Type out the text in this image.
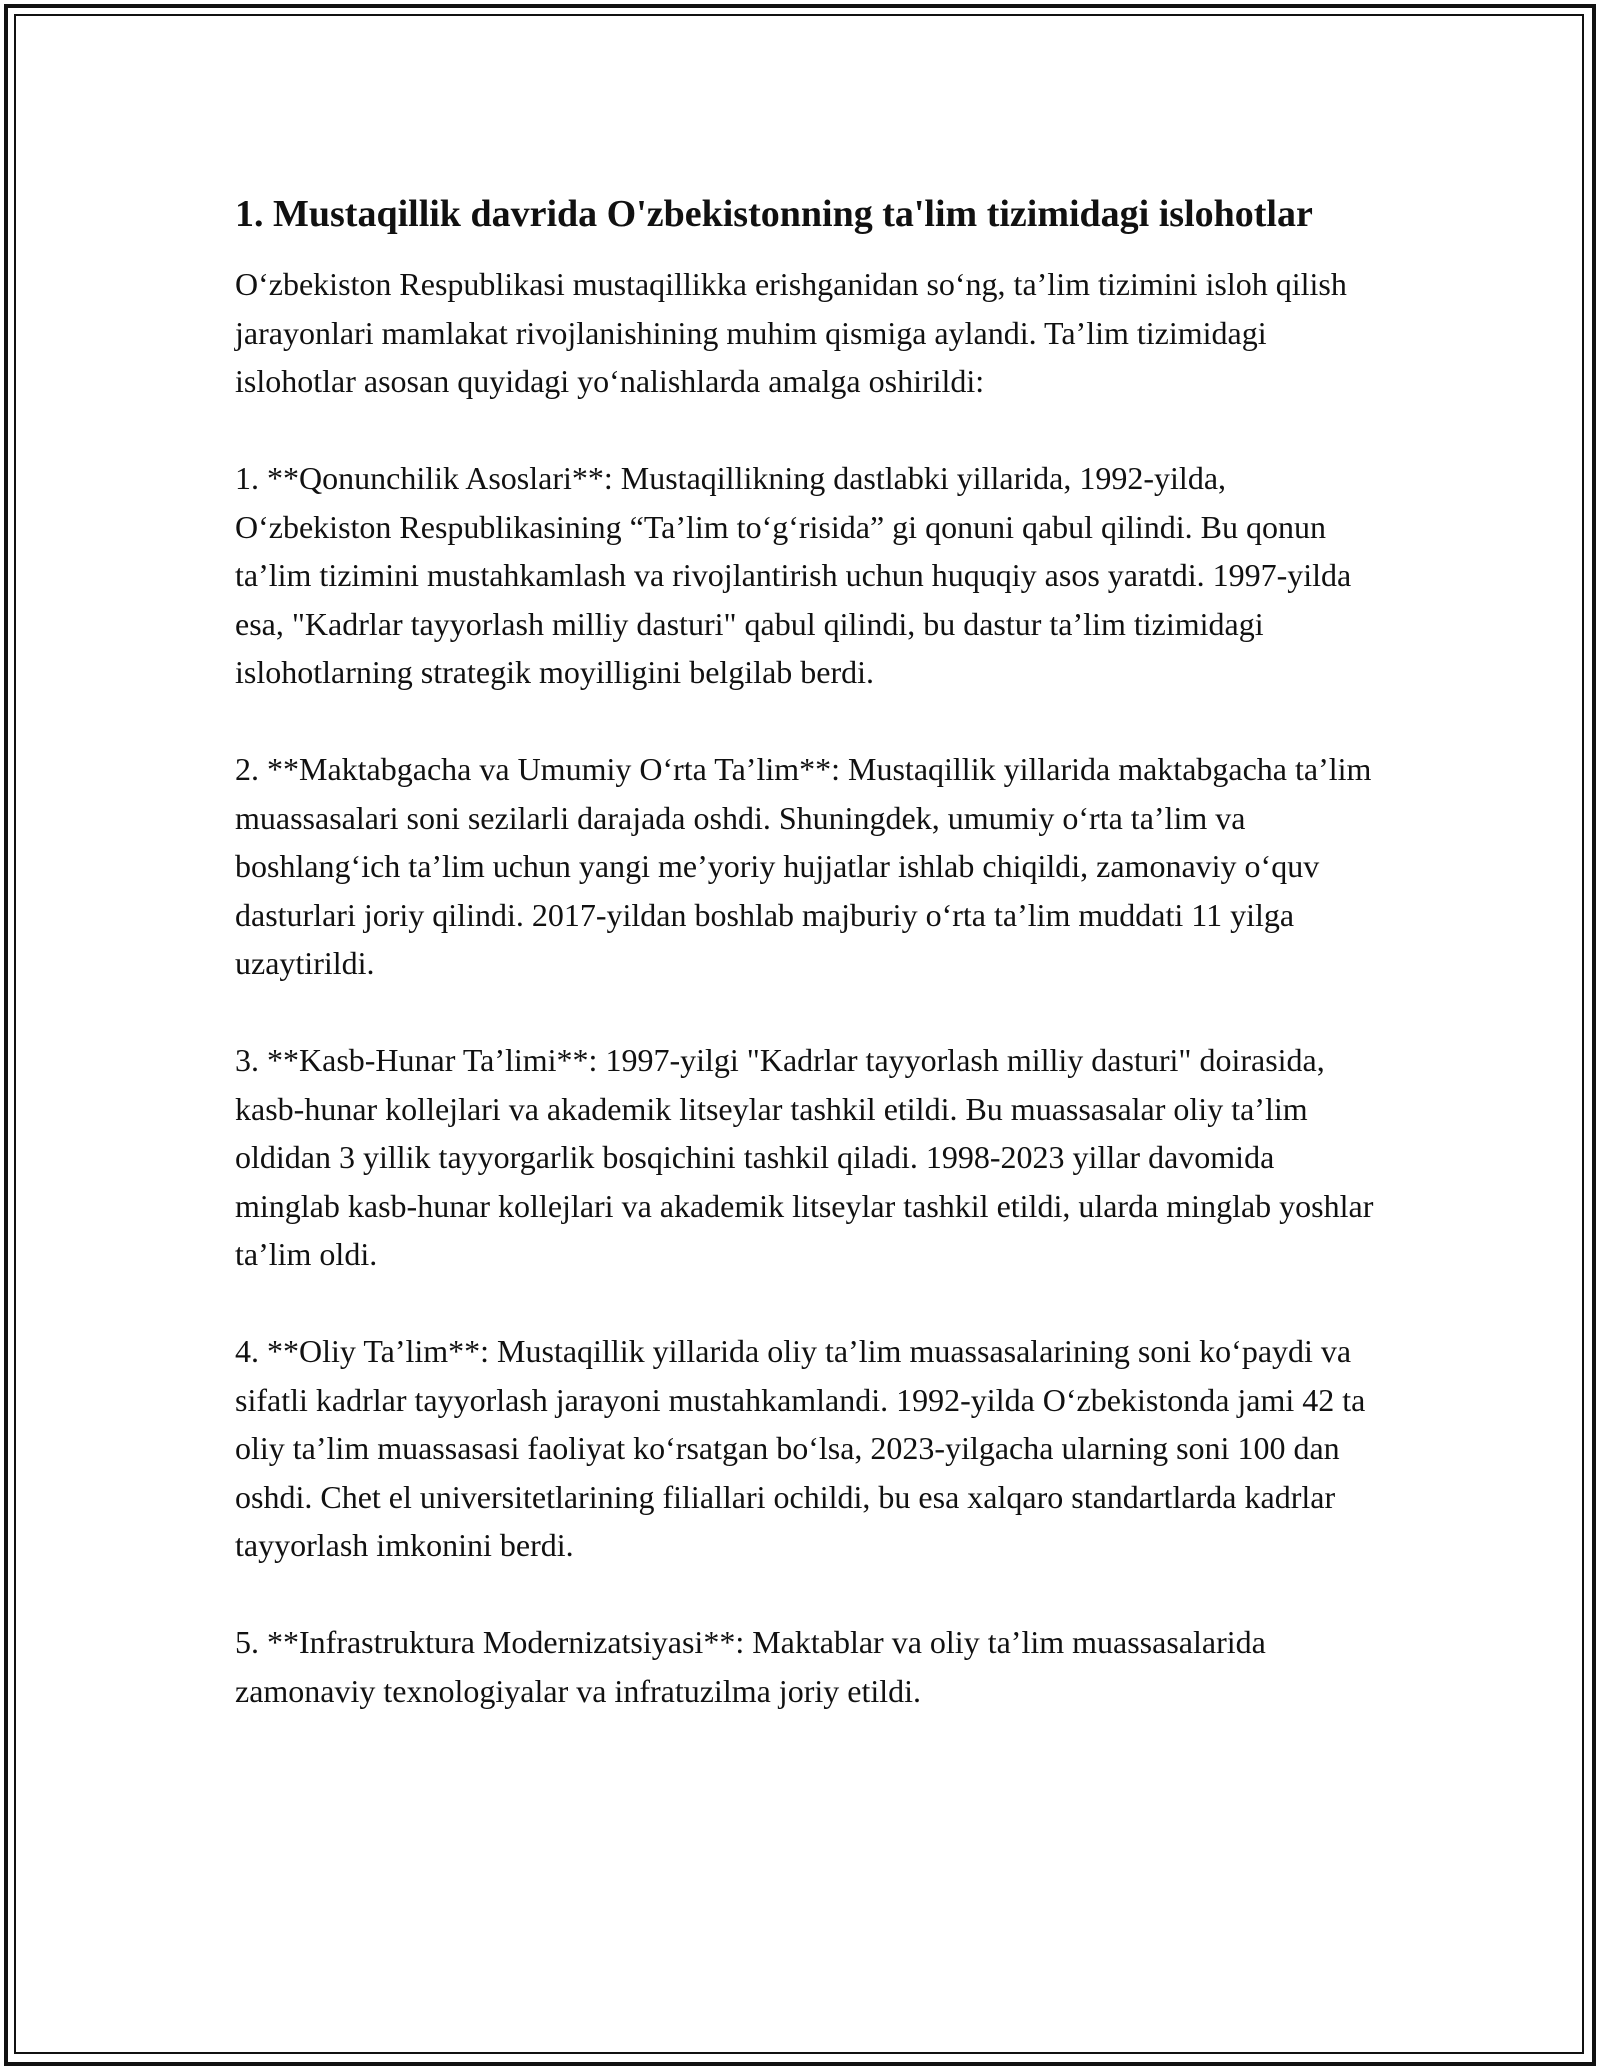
1. Mustaqillik davrida O'zbekistonning ta'lim tizimidagi islohotlar

O‘zbekiston Respublikasi mustaqillikka erishganidan so‘ng, ta’lim tizimini isloh qilish jarayonlari mamlakat rivojlanishining muhim qismiga aylandi. Ta’lim tizimidagi islohotlar asosan quyidagi yo‘nalishlarda amalga oshirildi:

1. **Qonunchilik Asoslari**: Mustaqillikning dastlabki yillarida, 1992-yilda, O‘zbekiston Respublikasining “Ta’lim to‘g‘risida” gi qonuni qabul qilindi. Bu qonun ta’lim tizimini mustahkamlash va rivojlantirish uchun huquqiy asos yaratdi. 1997-yilda esa, "Kadrlar tayyorlash milliy dasturi" qabul qilindi, bu dastur ta’lim tizimidagi islohotlarning strategik moyilligini belgilab berdi.

2. **Maktabgacha va Umumiy O‘rta Ta’lim**: Mustaqillik yillarida maktabgacha ta’lim muassasalari soni sezilarli darajada oshdi. Shuningdek, umumiy o‘rta ta’lim va boshlang‘ich ta’lim uchun yangi me’yoriy hujjatlar ishlab chiqildi, zamonaviy o‘quv dasturlari joriy qilindi. 2017-yildan boshlab majburiy o‘rta ta’lim muddati 11 yilga uzaytirildi.

3. **Kasb-Hunar Ta’limi**: 1997-yilgi "Kadrlar tayyorlash milliy dasturi" doirasida, kasb-hunar kollejlari va akademik litseylar tashkil etildi. Bu muassasalar oliy ta’lim oldidan 3 yillik tayyorgarlik bosqichini tashkil qiladi. 1998-2023 yillar davomida minglab kasb-hunar kollejlari va akademik litseylar tashkil etildi, ularda minglab yoshlar ta’lim oldi.

4. **Oliy Ta’lim**: Mustaqillik yillarida oliy ta’lim muassasalarining soni ko‘paydi va sifatli kadrlar tayyorlash jarayoni mustahkamlandi. 1992-yilda O‘zbekistonda jami 42 ta oliy ta’lim muassasasi faoliyat ko‘rsatgan bo‘lsa, 2023-yilgacha ularning soni 100 dan oshdi. Chet el universitetlarining filiallari ochildi, bu esa xalqaro standartlarda kadrlar tayyorlash imkonini berdi.

5. **Infrastruktura Modernizatsiyasi**: Maktablar va oliy ta’lim muassasalarida zamonaviy texnologiyalar va infratuzilma joriy etildi.
